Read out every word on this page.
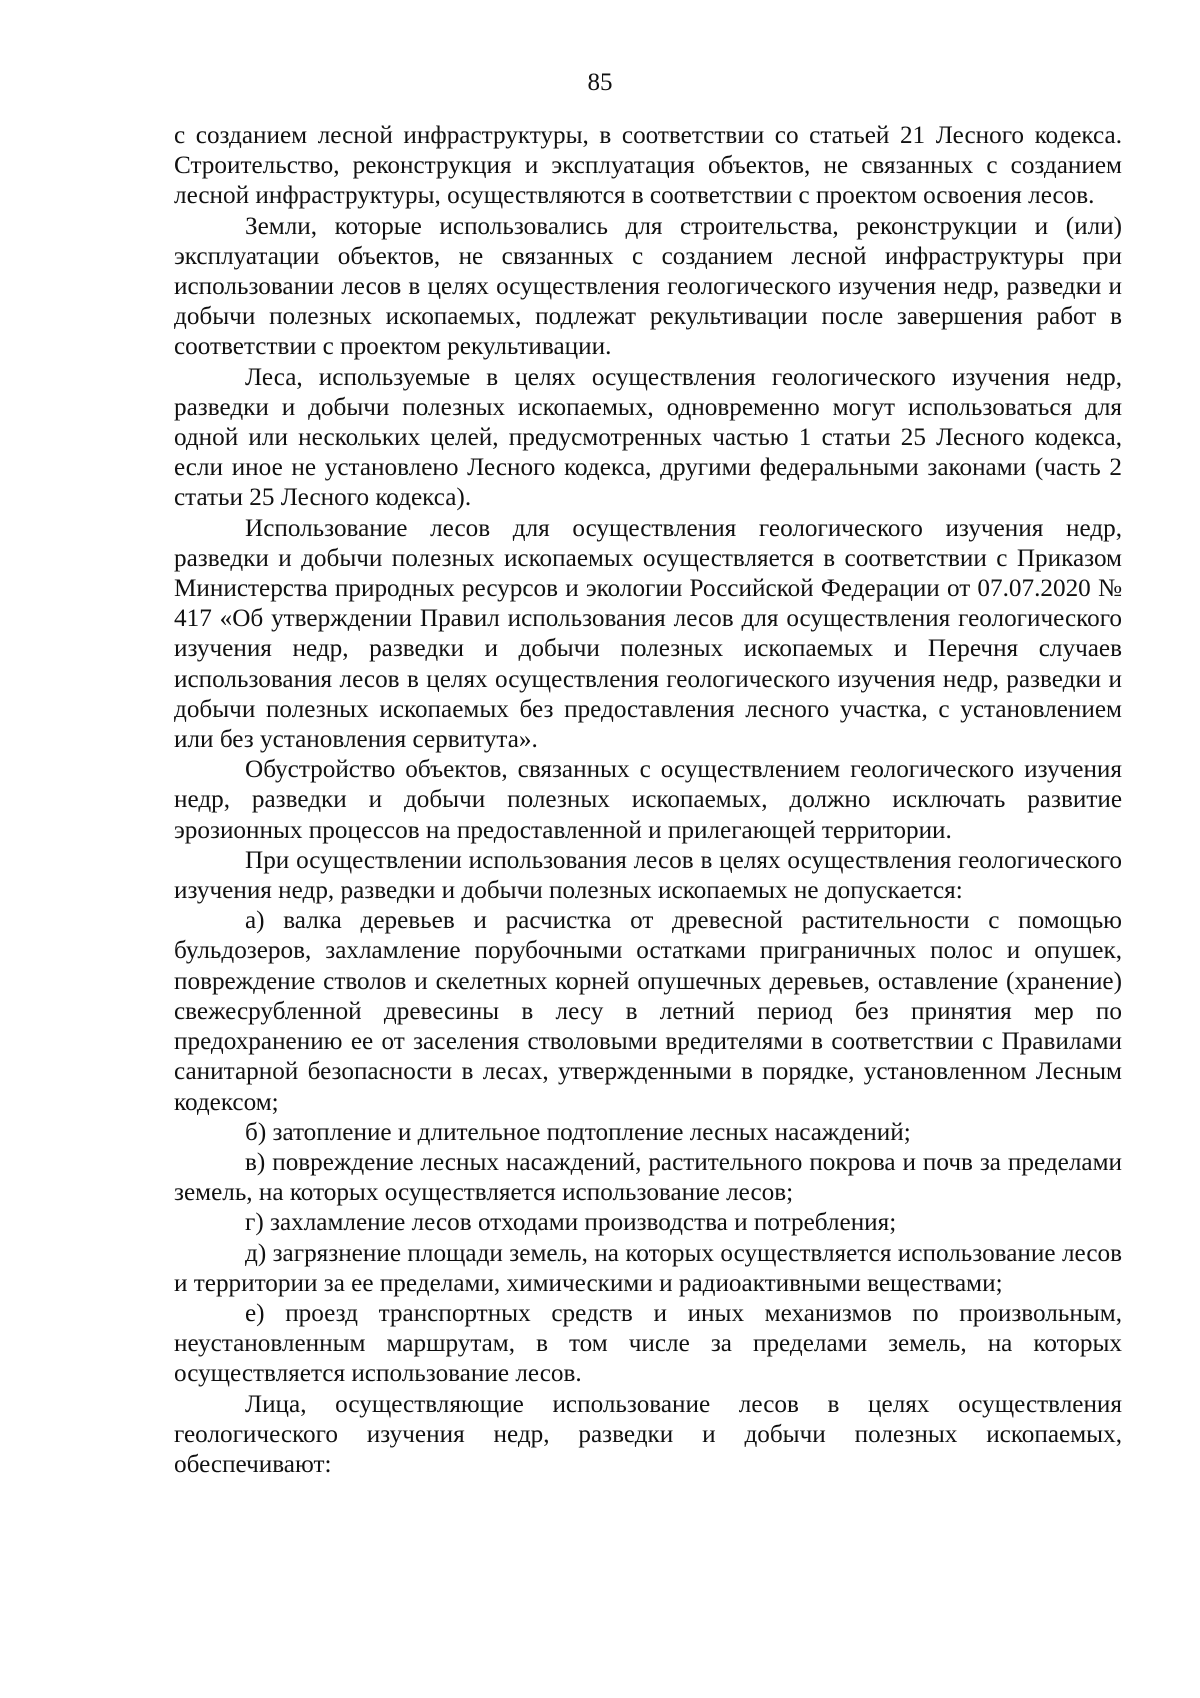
85

с созданием лесной инфраструктуры, в соответствии со статьей 21 Лесного кодекса. Строительство, реконструкция и эксплуатация объектов, не связанных с созданием лесной инфраструктуры, осуществляются в соответствии с проектом освоения лесов.

Земли, которые использовались для строительства, реконструкции и (или) эксплуатации объектов, не связанных с созданием лесной инфраструктуры при использовании лесов в целях осуществления геологического изучения недр, разведки и добычи полезных ископаемых, подлежат рекультивации после завершения работ в соответствии с проектом рекультивации.

Леса, используемые в целях осуществления геологического изучения недр, разведки и добычи полезных ископаемых, одновременно могут использоваться для одной или нескольких целей, предусмотренных частью 1 статьи 25 Лесного кодекса, если иное не установлено Лесного кодекса, другими федеральными законами (часть 2 статьи 25 Лесного кодекса).

Использование лесов для осуществления геологического изучения недр, разведки и добычи полезных ископаемых осуществляется в соответствии с Приказом Министерства природных ресурсов и экологии Российской Федерации от 07.07.2020 № 417 «Об утверждении Правил использования лесов для осуществления геологического изучения недр, разведки и добычи полезных ископаемых и Перечня случаев использования лесов в целях осуществления геологического изучения недр, разведки и добычи полезных ископаемых без предоставления лесного участка, с установлением или без установления сервитута».

Обустройство объектов, связанных с осуществлением геологического изучения недр, разведки и добычи полезных ископаемых, должно исключать развитие эрозионных процессов на предоставленной и прилегающей территории.

При осуществлении использования лесов в целях осуществления геологического изучения недр, разведки и добычи полезных ископаемых не допускается:

а) валка деревьев и расчистка от древесной растительности с помощью бульдозеров, захламление порубочными остатками приграничных полос и опушек, повреждение стволов и скелетных корней опушечных деревьев, оставление (хранение) свежесрубленной древесины в лесу в летний период без принятия мер по предохранению ее от заселения стволовыми вредителями в соответствии с Правилами санитарной безопасности в лесах, утвержденными в порядке, установленном Лесным кодексом;

б) затопление и длительное подтопление лесных насаждений;

в) повреждение лесных насаждений, растительного покрова и почв за пределами земель, на которых осуществляется использование лесов;

г) захламление лесов отходами производства и потребления;

д) загрязнение площади земель, на которых осуществляется использование лесов и территории за ее пределами, химическими и радиоактивными веществами;

е) проезд транспортных средств и иных механизмов по произвольным, неустановленным маршрутам, в том числе за пределами земель, на которых осуществляется использование лесов.

Лица, осуществляющие использование лесов в целях осуществления геологического изучения недр, разведки и добычи полезных ископаемых, обеспечивают:
